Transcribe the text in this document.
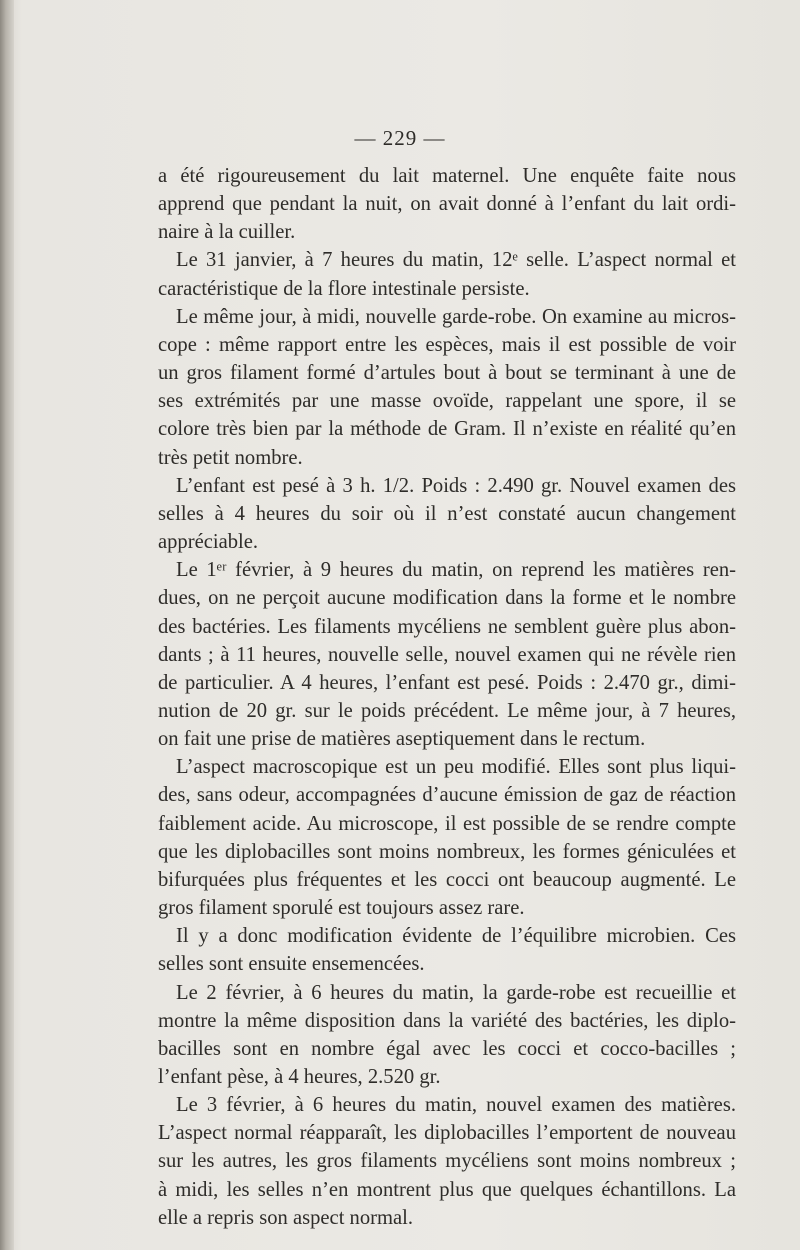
— 229 —
a été rigoureusement du lait maternel. Une enquête faite nous
apprend que pendant la nuit, on avait donné à l’enfant du lait ordi-
naire à la cuiller.
Le 31 janvier, à 7 heures du matin, 12ᵉ selle. L’aspect normal et
caractéristique de la flore intestinale persiste.
Le même jour, à midi, nouvelle garde-robe. On examine au micros-
cope : même rapport entre les espèces, mais il est possible de voir
un gros filament formé d’artules bout à bout se terminant à une de
ses extrémités par une masse ovoïde, rappelant une spore, il se
colore très bien par la méthode de Gram. Il n’existe en réalité qu’en
très petit nombre.
L’enfant est pesé à 3 h. 1/2. Poids : 2.490 gr. Nouvel examen des
selles à 4 heures du soir où il n’est constaté aucun changement
appréciable.
Le 1ᵉʳ février, à 9 heures du matin, on reprend les matières ren-
dues, on ne perçoit aucune modification dans la forme et le nombre
des bactéries. Les filaments mycéliens ne semblent guère plus abon-
dants ; à 11 heures, nouvelle selle, nouvel examen qui ne révèle rien
de particulier. A 4 heures, l’enfant est pesé. Poids : 2.470 gr., dimi-
nution de 20 gr. sur le poids précédent. Le même jour, à 7 heures,
on fait une prise de matières aseptiquement dans le rectum.
L’aspect macroscopique est un peu modifié. Elles sont plus liqui-
des, sans odeur, accompagnées d’aucune émission de gaz de réaction
faiblement acide. Au microscope, il est possible de se rendre compte
que les diplobacilles sont moins nombreux, les formes géniculées et
bifurquées plus fréquentes et les cocci ont beaucoup augmenté. Le
gros filament sporulé est toujours assez rare.
Il y a donc modification évidente de l’équilibre microbien. Ces
selles sont ensuite ensemencées.
Le 2 février, à 6 heures du matin, la garde-robe est recueillie et
montre la même disposition dans la variété des bactéries, les diplo-
bacilles sont en nombre égal avec les cocci et cocco-bacilles ;
l’enfant pèse, à 4 heures, 2.520 gr.
Le 3 février, à 6 heures du matin, nouvel examen des matières.
L’aspect normal réapparaît, les diplobacilles l’emportent de nouveau
sur les autres, les gros filaments mycéliens sont moins nombreux ;
à midi, les selles n’en montrent plus que quelques échantillons. La
elle a repris son aspect normal.
